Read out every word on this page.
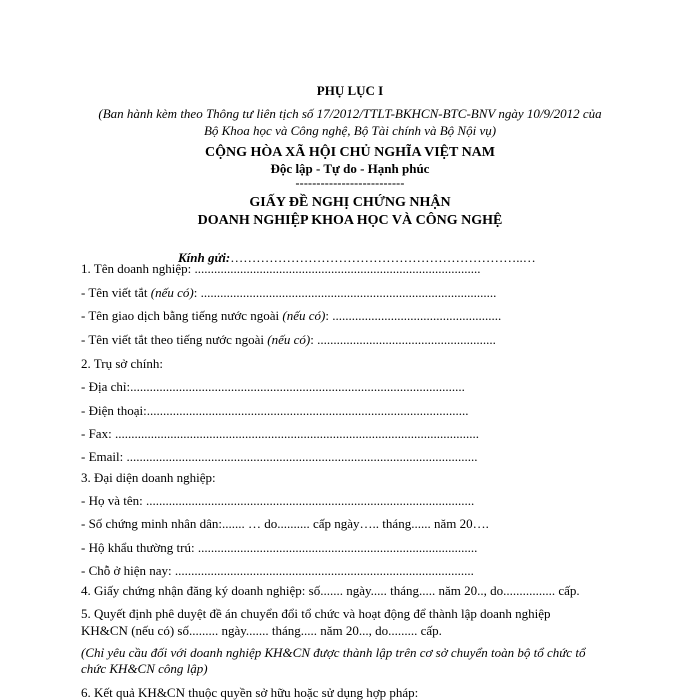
PHỤ LỤC I
(Ban hành kèm theo Thông tư liên tịch số 17/2012/TTLT-BKHCN-BTC-BNV ngày 10/9/2012 của
Bộ Khoa học và Công nghệ, Bộ Tài chính và Bộ Nội vụ)
CỘNG HÒA XÃ HỘI CHỦ NGHĨA VIỆT NAM
Độc lập - Tự do - Hạnh phúc
--------------------------
GIẤY ĐỀ NGHỊ CHỨNG NHẬN
DOANH NGHIỆP KHOA HỌC VÀ CÔNG NGHỆ

Kính gửi:…………………………………………………………..…

1. Tên doanh nghiệp: ........................................................................................
- Tên viết tắt (nếu có): ...........................................................................................
- Tên giao dịch bằng tiếng nước ngoài (nếu có): ....................................................
- Tên viết tắt theo tiếng nước ngoài (nếu có): .......................................................
2. Trụ sở chính:
- Địa chỉ:.......................................................................................................
- Điện thoại:...................................................................................................
- Fax: ................................................................................................................
- Email: ............................................................................................................
3. Đại diện doanh nghiệp:
- Họ và tên: .....................................................................................................
- Số chứng minh nhân dân:....... … do.......... cấp ngày….. tháng...... năm 20….
- Hộ khẩu thường trú: ......................................................................................
- Chỗ ở hiện nay: ............................................................................................
4. Giấy chứng nhận đăng ký doanh nghiệp: số....... ngày..... tháng..... năm 20.., do................ cấp.
5. Quyết định phê duyệt đề án chuyển đổi tổ chức và hoạt động để thành lập doanh nghiệp
KH&CN (nếu có) số......... ngày....... tháng..... năm 20..., do......... cấp.
(Chỉ yêu cầu đối với doanh nghiệp KH&CN được thành lập trên cơ sở chuyển toàn bộ tổ chức tổ
chức KH&CN công lập)
6. Kết quả KH&CN thuộc quyền sở hữu hoặc sử dụng hợp pháp:
